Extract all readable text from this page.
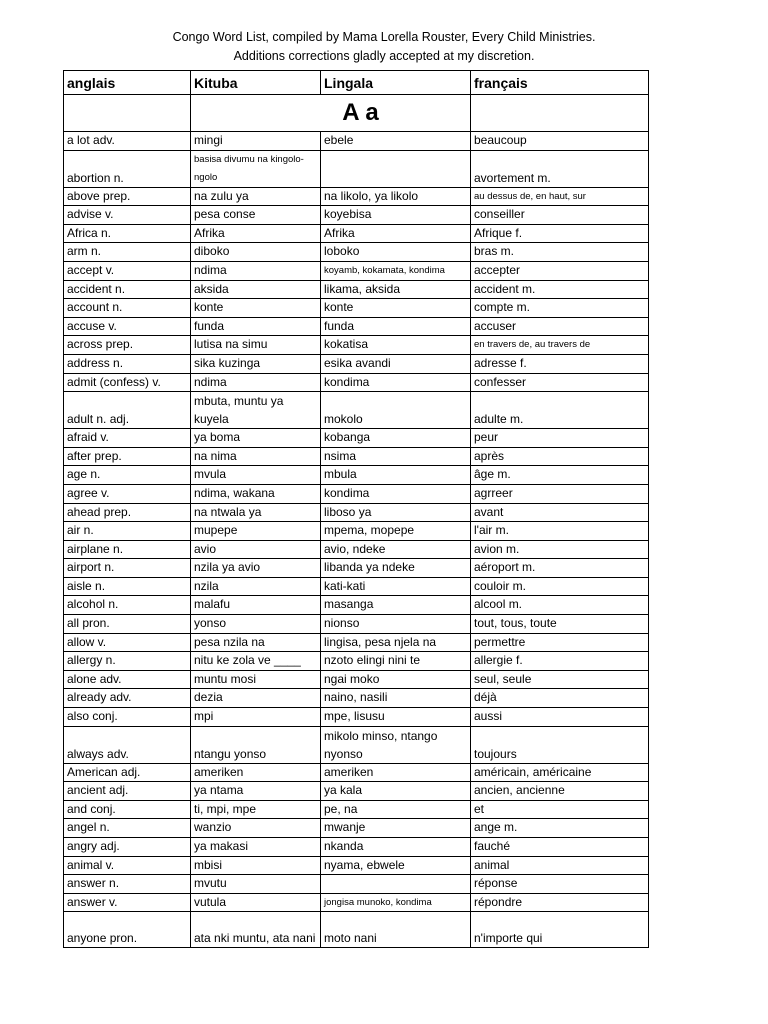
Congo Word List, compiled by Mama Lorella Rouster, Every Child Ministries.
Additions corrections gladly accepted at my discretion.
anglais	Kituba	Lingala	français
	A a		
a lot adv.	mingi	ebele	beaucoup
abortion n.	basisa divumu na kingolo-ngolo		avortement m.
above prep.	na zulu ya	na likolo, ya likolo	au dessus de, en haut, sur
advise v.	pesa conse	koyebisa	conseiller
Africa n.	Afrika	Afrika	Afrique f.
arm n.	diboko	loboko	bras m.
accept v.	ndima	koyamb, kokamata, kondima	accepter
accident n.	aksida	likama, aksida	accident m.
account n.	konte	konte	compte m.
accuse v.	funda	funda	accuser
across prep.	lutisa na simu	kokatisa	en travers de, au travers de
address n.	sika kuzinga	esika avandi	adresse f.
admit (confess) v.	ndima	kondima	confesser
adult n. adj.	mbuta, muntu ya kuyela	mokolo	adulte m.
afraid v.	ya boma	kobanga	peur
after prep.	na nima	nsima	après
age n.	mvula	mbula	âge m.
agree v.	ndima, wakana	kondima	agrreer
ahead prep.	na ntwala ya	liboso ya	avant
air n.	mupepe	mpema, mopepe	l'air m.
airplane n.	avio	avio, ndeke	avion m.
airport n.	nzila ya avio	libanda ya ndeke	aéroport m.
aisle n.	nzila	kati-kati	couloir m.
alcohol n.	malafu	masanga	alcool m.
all pron.	yonso	nionso	tout, tous, toute
allow v.	pesa nzila na	lingisa, pesa njela na	permettre
allergy n.	nitu ke zola ve ____	nzoto elingi nini te	allergie f.
alone adv.	muntu mosi	ngai moko	seul, seule
already adv.	dezia	naino, nasili	déjà
also conj.	mpi	mpe, lisusu	aussi
always adv.	ntangu yonso	mikolo minso, ntango nyonso	toujours
American adj.	ameriken	ameriken	américain, américaine
ancient adj.	ya ntama	ya kala	ancien, ancienne
and conj.	ti, mpi, mpe	pe, na	et
angel n.	wanzio	mwanje	ange m.
angry adj.	ya makasi	nkanda	fauché
animal v.	mbisi	nyama, ebwele	animal
answer n.	mvutu		réponse
answer v.	vutula	jongisa munoko, kondima	répondre
anyone pron.	ata nki muntu, ata nani	moto nani	n'importe qui
